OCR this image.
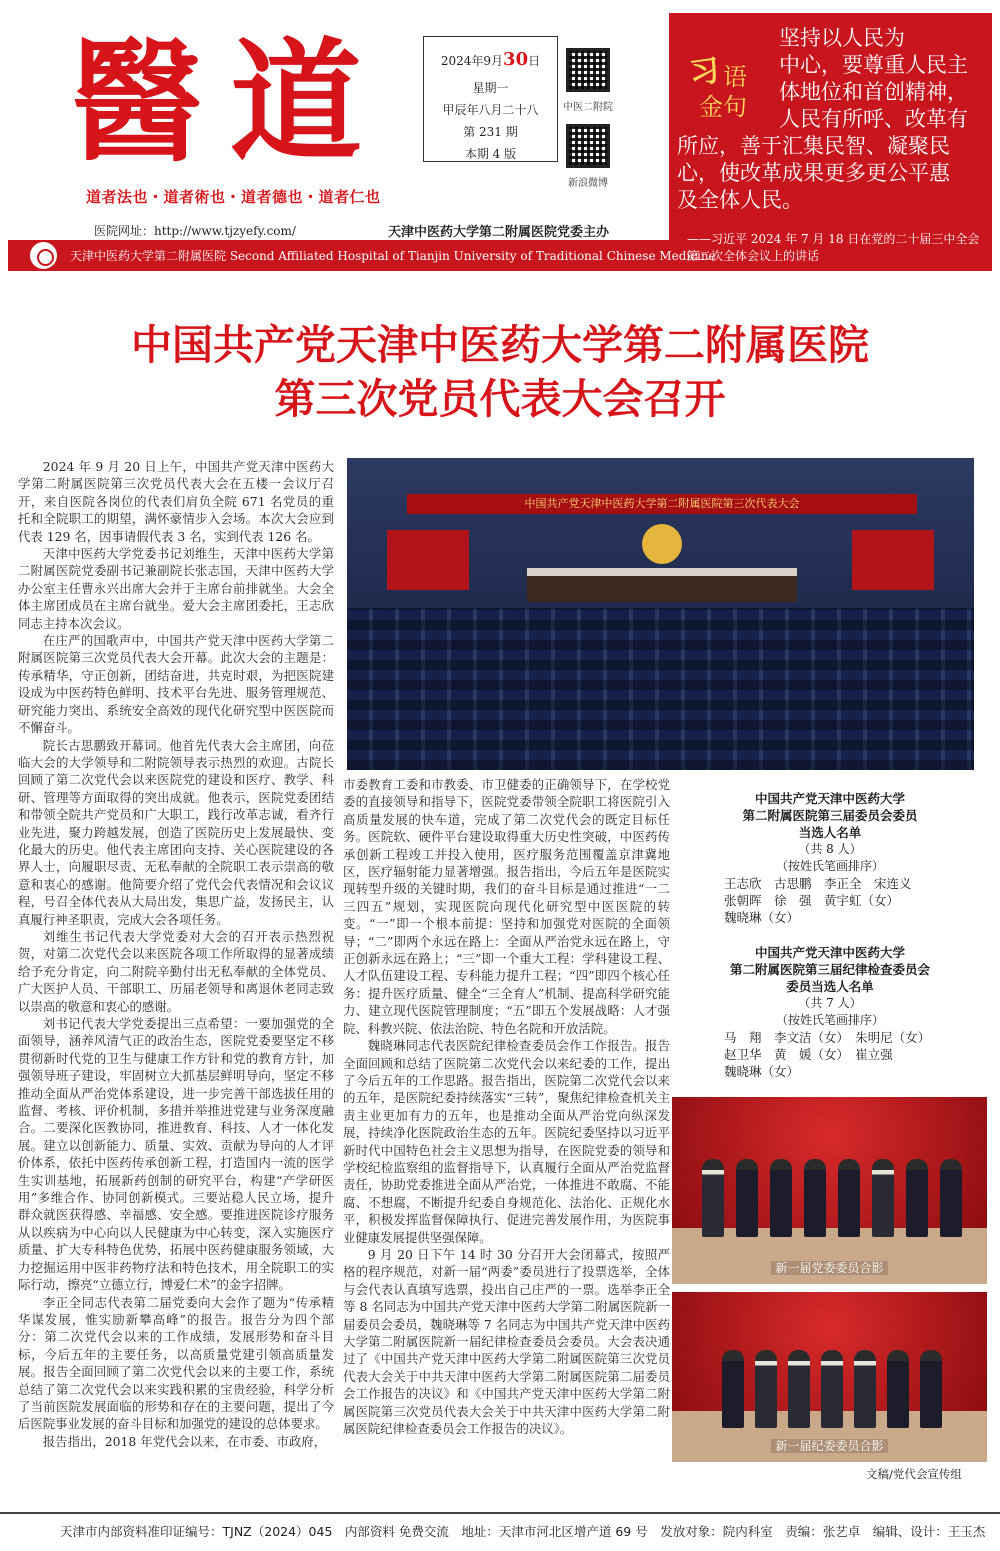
醫 道
道者法也・道者術也・道者德也・道者仁也
医院网址：http://www.tjzyefy.com/	天津中医药大学第二附属医院党委主办
2024年9月30日
星期一
甲辰年八月二十八
第 231 期
本期 4 版
中医二附院
新浪微博
习 语
金句
坚持以人民为
中心，要尊重人民主
体地位和首创精神，
人民有所呼、改革有
所应，善于汇集民智、凝聚民
心，使改革成果更多更公平惠
及全体人民。
——习近平 2024 年 7 月 18 日在党的二十届三中全会第二次全体会议上的讲话
天津中医药大学第二附属医院 Second Affiliated Hospital of Tianjin University of Traditional Chinese Medicine
中国共产党天津中医药大学第二附属医院
第三次党员代表大会召开

2024 年 9 月 20 日上午，中国共产党天津中医药大学第二附属医院第三次党员代表大会在五楼一会议厅召开，来自医院各岗位的代表们肩负全院 671 名党员的重托和全院职工的期望，满怀豪情步入会场。本次大会应到代表 129 名，因事请假代表 3 名，实到代表 126 名。

天津中医药大学党委书记刘维生，天津中医药大学第二附属医院党委副书记兼副院长张志国，天津中医药大学办公室主任曹永兴出席大会并于主席台前排就坐。大会全体主席团成员在主席台就坐。爱大会主席团委托，王志欣同志主持本次会议。

在庄严的国歌声中，中国共产党天津中医药大学第二附属医院第三次党员代表大会开幕。此次大会的主题是：传承精华，守正创新，团结奋进，共克时艰，为把医院建设成为中医药特色鲜明、技术平台先进、服务管理规范、研究能力突出、系统安全高效的现代化研究型中医医院而不懈奋斗。

院长古思鹏致开幕词。他首先代表大会主席团，向莅临大会的大学领导和二附院领导表示热烈的欢迎。古院长回顾了第二次党代会以来医院党的建设和医疗、教学、科研、管理等方面取得的突出成就。他表示，医院党委团结和带领全院共产党员和广大职工，践行改革志诚，看齐行业先进，聚力跨越发展，创造了医院历史上发展最快、变化最大的历史。他代表主席团向支持、关心医院建设的各界人士，向履职尽责、无私奉献的全院职工表示崇高的敬意和衷心的感谢。他简要介绍了党代会代表情况和会议议程，号召全体代表从大局出发，集思广益，发扬民主，认真履行神圣职责，完成大会各项任务。

刘维生书记代表大学党委对大会的召开表示热烈祝贺，对第二次党代会以来医院各项工作所取得的显著成绩给予充分肯定，向二附院辛勤付出无私奉献的全体党员、广大医护人员、干部职工、历届老领导和离退休老同志致以崇高的敬意和衷心的感谢。

刘书记代表大学党委提出三点希望：一要加强党的全面领导，涵养风清气正的政治生态，医院党委要坚定不移贯彻新时代党的卫生与健康工作方针和党的教育方针，加强领导班子建设，牢固树立大抓基层鲜明导向，坚定不移推动全面从严治党体系建设，进一步完善干部选拔任用的监督、考核、评价机制，多措并举推进党建与业务深度融合。二要深化医教协同，推进教育、科技、人才一体化发展。建立以创新能力、质量、实效、贡献为导向的人才评价体系，依托中医药传承创新工程，打造国内一流的医学生实训基地，拓展新药创制的研究平台，构建“产学研医用”多维合作、协同创新模式。三要站稳人民立场，提升群众就医获得感、幸福感、安全感。要推进医院诊疗服务从以疾病为中心向以人民健康为中心转变，深入实施医疗质量、扩大专科特色优势，拓展中医药健康服务领域，大力挖掘运用中医非药物疗法和特色技术，用全院职工的实际行动，擦亮“立德立行，博爱仁术”的金字招牌。

李正全同志代表第二届党委向大会作了题为“传承精华谋发展，惟实励新攀高峰”的报告。报告分为四个部分：第二次党代会以来的工作成绩，发展形势和奋斗目标，今后五年的主要任务，以高质量党建引领高质量发展。报告全面回顾了第二次党代会以来的主要工作，系统总结了第二次党代会以来实践积累的宝贵经验，科学分析了当前医院发展面临的形势和存在的主要问题，提出了今后医院事业发展的奋斗目标和加强党的建设的总体要求。

报告指出，2018 年党代会以来，在市委、市政府，

中国共产党天津中医药大学第二附属医院第三次代表大会

市委教育工委和市教委、市卫健委的正确领导下，在学校党委的直接领导和指导下，医院党委带领全院职工将医院引入高质量发展的快车道，完成了第二次党代会的既定目标任务。医院软、硬件平台建设取得重大历史性突破，中医药传承创新工程竣工并投入使用，医疗服务范围覆盖京津冀地区，医疗辐射能力显著增强。报告指出，今后五年是医院实现转型升级的关键时期，我们的奋斗目标是通过推进“一二三四五”规划，实现医院向现代化研究型中医医院的转变。“一”即一个根本前提：坚持和加强党对医院的全面领导；“二”即两个永远在路上：全面从严治党永远在路上，守正创新永远在路上；“三”即一个重大工程：学科建设工程、人才队伍建设工程、专科能力提升工程；“四”即四个核心任务：提升医疗质量、健全“三全育人”机制、提高科学研究能力、建立现代医院管理制度；“五”即五个发展战略：人才强院、科教兴院、依法治院、特色名院和开放活院。

魏晓琳同志代表医院纪律检查委员会作工作报告。报告全面回顾和总结了医院第二次党代会以来纪委的工作，提出了今后五年的工作思路。报告指出，医院第二次党代会以来的五年，是医院纪委持续落实“三转”，聚焦纪律检查机关主责主业更加有力的五年，也是推动全面从严治党向纵深发展，持续净化医院政治生态的五年。医院纪委坚持以习近平新时代中国特色社会主义思想为指导，在医院党委的领导和学校纪检监察组的监督指导下，认真履行全面从严治党监督责任，协助党委推进全面从严治党，一体推进不敢腐、不能腐、不想腐，不断提升纪委自身规范化、法治化、正规化水平，积极发挥监督保障执行、促进完善发展作用，为医院事业健康发展提供坚强保障。

9 月 20 日下午 14 时 30 分召开大会闭幕式，按照严格的程序规范，对新一届“两委”委员进行了投票选举，全体与会代表认真填写选票，投出自己庄严的一票。选举李正全等 8 名同志为中国共产党天津中医药大学第二附属医院新一届委员会委员，魏晓琳等 7 名同志为中国共产党天津中医药大学第二附属医院新一届纪律检查委员会委员。大会表决通过了《中国共产党天津中医药大学第二附属医院第三次党员代表大会关于中共天津中医药大学第二附属医院第二届委员会工作报告的决议》和《中国共产党天津中医药大学第二附属医院第三次党员代表大会关于中共天津中医药大学第二附属医院纪律检查委员会工作报告的决议》。

中国共产党天津中医药大学
第二附属医院第三届委员会委员
当选人名单
（共 8 人）
（按姓氏笔画排序）
王志欣　古思鹏　李正全　宋连义
张朝晖　徐　强　黄宇虹（女）
魏晓琳（女）
中国共产党天津中医药大学
第二附属医院第三届纪律检查委员会
委员当选人名单
（共 7 人）
（按姓氏笔画排序）
马　翔　李文洁（女）　朱明尼（女）
赵卫华　黄　媛（女）　崔立强
魏晓琳（女）
新一届党委委员合影
新一届纪委委员合影
文稿/党代会宣传组
天津市内部资料准印证编号：TJNZ（2024）045　内部资料 免费交流　地址：天津市河北区增产道 69 号　发放对象：院内科室　责编：张艺卓　编辑、设计：王玉杰
